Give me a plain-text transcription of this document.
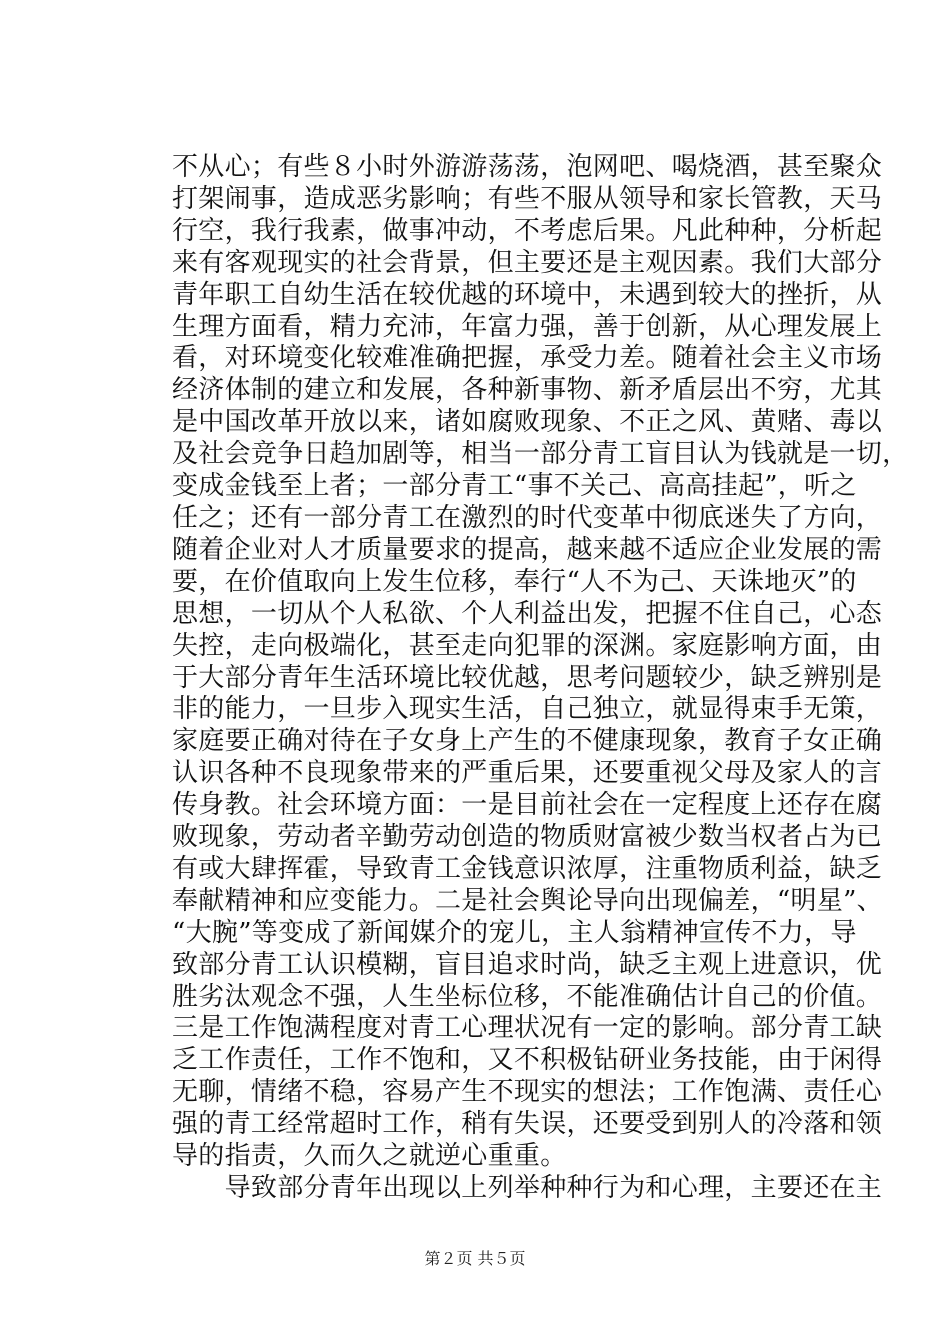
不从心；有些８小时外游游荡荡，泡网吧、喝烧酒，甚至聚众
打架闹事，造成恶劣影响；有些不服从领导和家长管教，天马
行空，我行我素，做事冲动，不考虑后果。凡此种种，分析起
来有客观现实的社会背景，但主要还是主观因素。我们大部分
青年职工自幼生活在较优越的环境中，未遇到较大的挫折，从
生理方面看，精力充沛，年富力强，善于创新，从心理发展上
看，对环境变化较难准确把握，承受力差。随着社会主义市场
经济体制的建立和发展，各种新事物、新矛盾层出不穷，尤其
是中国改革开放以来，诸如腐败现象、不正之风、黄赌、毒以
及社会竞争日趋加剧等，相当一部分青工盲目认为钱就是一切，
变成金钱至上者；一部分青工“事不关己、高高挂起”，听之
任之；还有一部分青工在激烈的时代变革中彻底迷失了方向，
随着企业对人才质量要求的提高，越来越不适应企业发展的需
要，在价值取向上发生位移，奉行“人不为己、天诛地灭”的
思想，一切从个人私欲、个人利益出发，把握不住自己，心态
失控，走向极端化，甚至走向犯罪的深渊。家庭影响方面，由
于大部分青年生活环境比较优越，思考问题较少，缺乏辨别是
非的能力，一旦步入现实生活，自己独立，就显得束手无策，
家庭要正确对待在子女身上产生的不健康现象，教育子女正确
认识各种不良现象带来的严重后果，还要重视父母及家人的言
传身教。社会环境方面：一是目前社会在一定程度上还存在腐
败现象，劳动者辛勤劳动创造的物质财富被少数当权者占为已
有或大肆挥霍，导致青工金钱意识浓厚，注重物质利益，缺乏
奉献精神和应变能力。二是社会舆论导向出现偏差，“明星”、
“大腕”等变成了新闻媒介的宠儿，主人翁精神宣传不力，导
致部分青工认识模糊，盲目追求时尚，缺乏主观上进意识，优
胜劣汰观念不强，人生坐标位移，不能准确估计自己的价值。
三是工作饱满程度对青工心理状况有一定的影响。部分青工缺
乏工作责任，工作不饱和，又不积极钻研业务技能，由于闲得
无聊，情绪不稳，容易产生不现实的想法；工作饱满、责任心
强的青工经常超时工作，稍有失误，还要受到别人的冷落和领
导的指责，久而久之就逆心重重。
　　导致部分青年出现以上列举种种行为和心理，主要还在主
第２页 共５页
